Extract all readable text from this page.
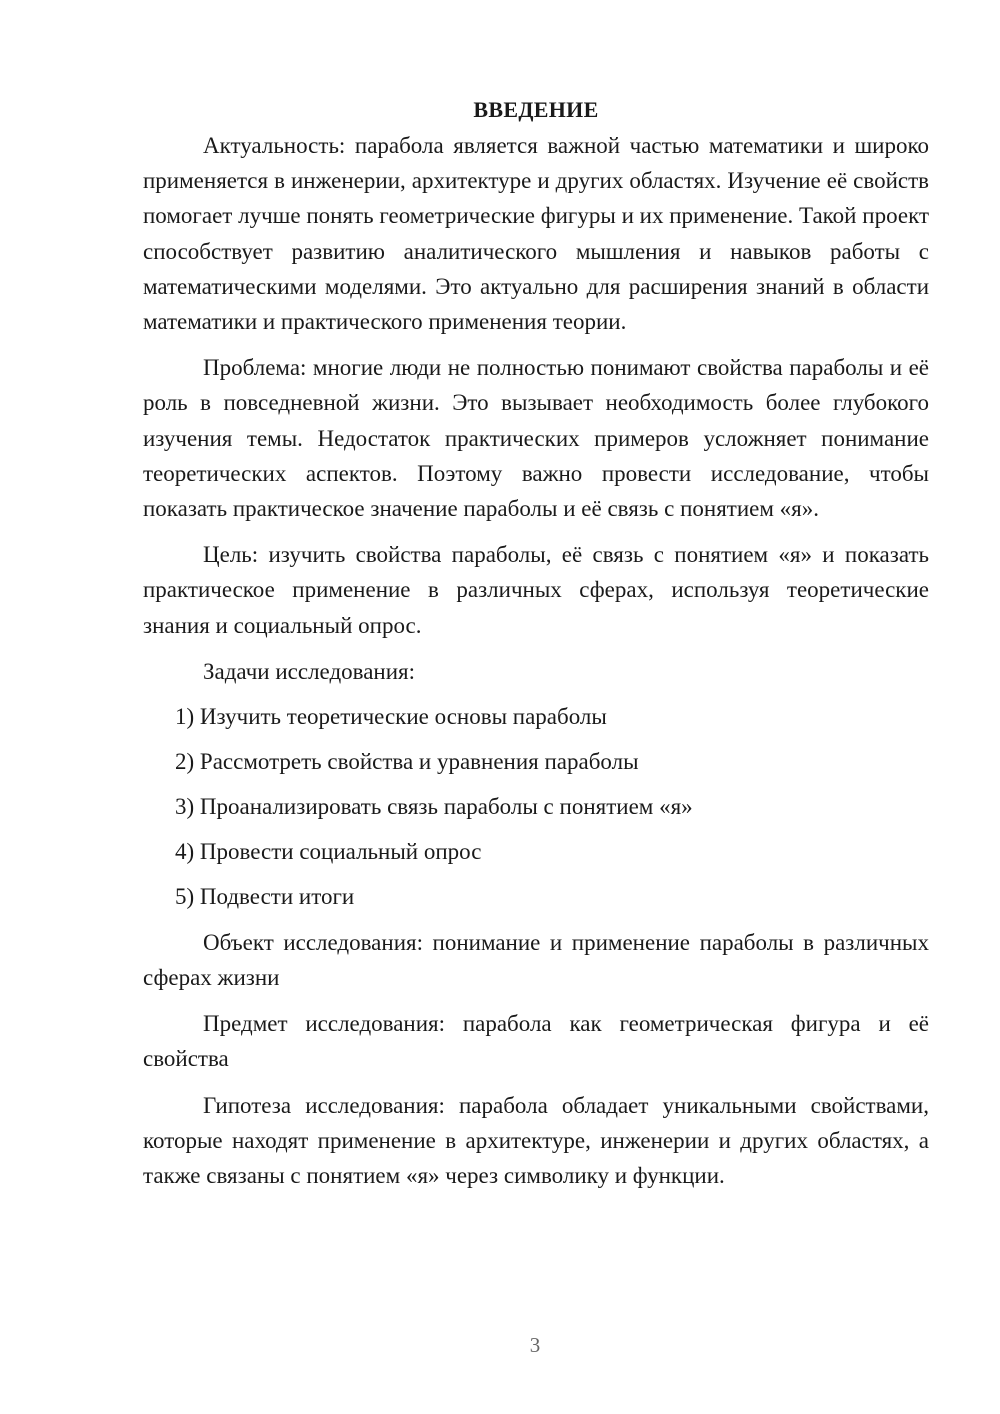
ВВЕДЕНИЕ

Актуальность: парабола является важной частью математики и широко применяется в инженерии, архитектуре и других областях. Изучение её свойств помогает лучше понять геометрические фигуры и их применение. Такой проект способствует развитию аналитического мышления и навыков работы с математическими моделями. Это актуально для расширения знаний в области математики и практического применения теории.

Проблема: многие люди не полностью понимают свойства параболы и её роль в повседневной жизни. Это вызывает необходимость более глубокого изучения темы. Недостаток практических примеров усложняет понимание теоретических аспектов. Поэтому важно провести исследование, чтобы показать практическое значение параболы и её связь с понятием «я».

Цель: изучить свойства параболы, её связь с понятием «я» и показать практическое применение в различных сферах, используя теоретические знания и социальный опрос.

Задачи исследования:

1) Изучить теоретические основы параболы
2) Рассмотреть свойства и уравнения параболы
3) Проанализировать связь параболы с понятием «я»
4) Провести социальный опрос
5) Подвести итоги

Объект исследования: понимание и применение параболы в различных сферах жизни

Предмет исследования: парабола как геометрическая фигура и её свойства

Гипотеза исследования: парабола обладает уникальными свойствами, которые находят применение в архитектуре, инженерии и других областях, а также связаны с понятием «я» через символику и функции.

3
